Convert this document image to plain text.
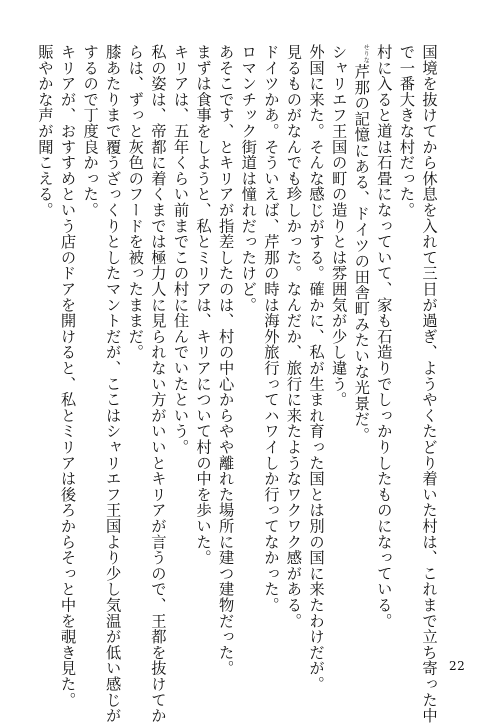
国境を抜けてから休息を入れて三日が過ぎ、ようやくたどり着いた村は、これまで立ち寄った中
で一番大きな村だった。
村に入ると道は石畳になっていて、家も石造りでしっかりしたものになっている。
せりな芹那の記憶にある、ドイツの田舎町みたいな光景だ。
シャリエフ王国の町の造りとは雰囲気が少し違う。
外国に来た。そんな感じがする。確かに、私が生まれ育った国とは別の国に来たわけだが。
見るものがなんでも珍しかった。なんだか、旅行に来たようなワクワク感がある。
ドイツかあ。そういえば、芹那の時は海外旅行ってハワイしか行ってなかった。
ロマンチック街道は憧れだったけど。
あそこです、とキリアが指差したのは、村の中心からやや離れた場所に建つ建物だった。
まずは食事をしようと、私とミリアは、キリアについて村の中を歩いた。
キリアは、五年くらい前までこの村に住んでいたという。
私の姿は、帝都に着くまでは極力人に見られない方がいいとキリアが言うので、王都を抜けてか
らは、ずっと灰色のフードを被ったままだ。
膝あたりまで覆うざっくりとしたマントだが、ここはシャリエフ王国より少し気温が低い感じが
するので丁度良かった。
キリアが、おすすめという店のドアを開けると、私とミリアは後ろからそっと中を覗き見た。
賑やかな声が聞こえる。
22
